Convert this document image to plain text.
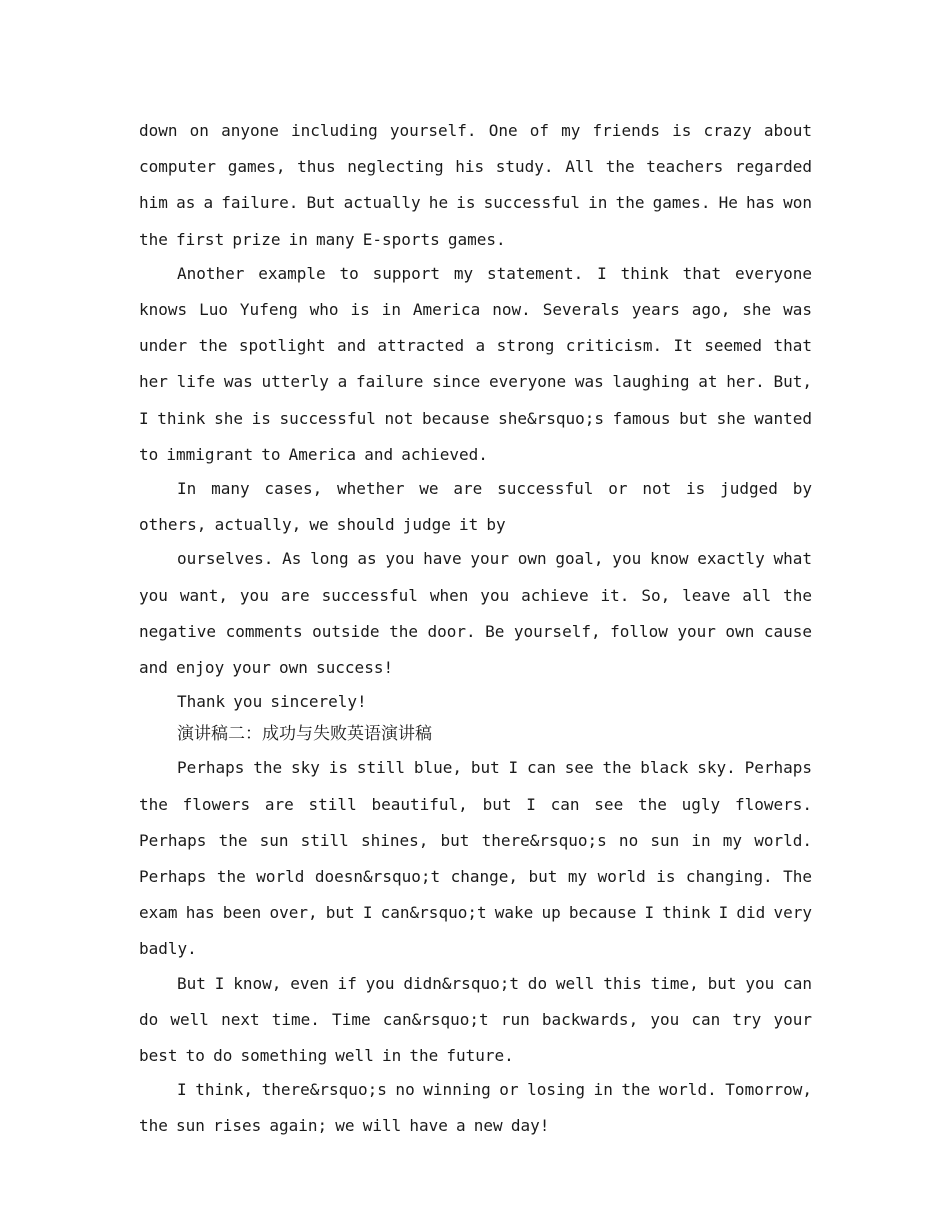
down on anyone including yourself. One of my friends is crazy about computer games, thus neglecting his study. All the teachers regarded him as a failure. But actually he is successful in the games. He has won the first prize in many E-sports games.

Another example to support my statement. I think that everyone knows Luo Yufeng who is in America now. Severals years ago, she was under the spotlight and attracted a strong criticism. It seemed that her life was utterly a failure since everyone was laughing at her. But, I think she is successful not because she&rsquo;s famous but she wanted to immigrant to America and achieved.

In many cases, whether we are successful or not is judged by others, actually, we should judge it by

ourselves. As long as you have your own goal, you know exactly what you want, you are successful when you achieve it. So, leave all the negative comments outside the door. Be yourself, follow your own cause and enjoy your own success!

Thank you sincerely!

演讲稿二：成功与失败英语演讲稿

Perhaps the sky is still blue, but I can see the black sky. Perhaps the flowers are still beautiful, but I can see the ugly flowers. Perhaps the sun still shines, but there&rsquo;s no sun in my world. Perhaps the world doesn&rsquo;t change, but my world is changing. The exam has been over, but I can&rsquo;t wake up because I think I did very badly.

But I know, even if you didn&rsquo;t do well this time, but you can do well next time. Time can&rsquo;t run backwards, you can try your best to do something well in the future.

I think, there&rsquo;s no winning or losing in the world. Tomorrow, the sun rises again; we will have a new day!
